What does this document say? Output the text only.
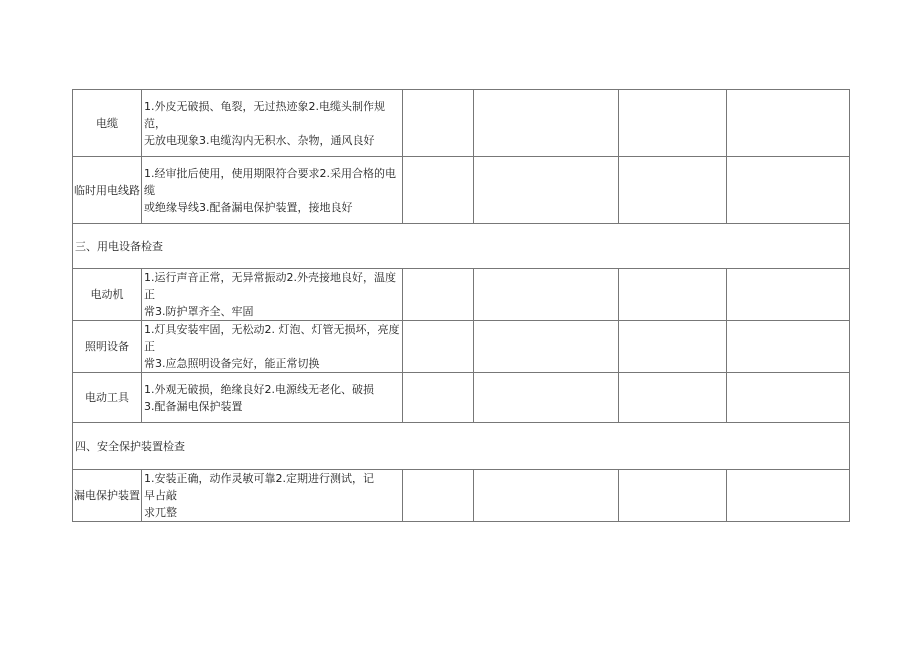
电缆	1.外皮无破损、龟裂，无过热迹象2.电缆头制作规范，
无放电现象3.电缆沟内无积水、杂物，通风良好				

临时用电线路	1.经审批后使用，使用期限符合要求2.采用合格的电缆
或绝缘导线3.配备漏电保护装置，接地良好				

三、用电设备检查					
电动机	1.运行声音正常，无异常振动2.外壳接地良好，温度正
常3.防护罩齐全、牢固				

照明设备	1.灯具安装牢固，无松动2. 灯泡、灯管无损坏，亮度正
常3.应急照明设备完好，能正常切换				

电动工具	1.外观无破损，绝缘良好2.电源线无老化、破损
3.配备漏电保护装置				

四、安全保护装置检查					
漏电保护装置	1.安装正确，动作灵敏可靠2.定期进行测试，记
早占敲
求兀整				
